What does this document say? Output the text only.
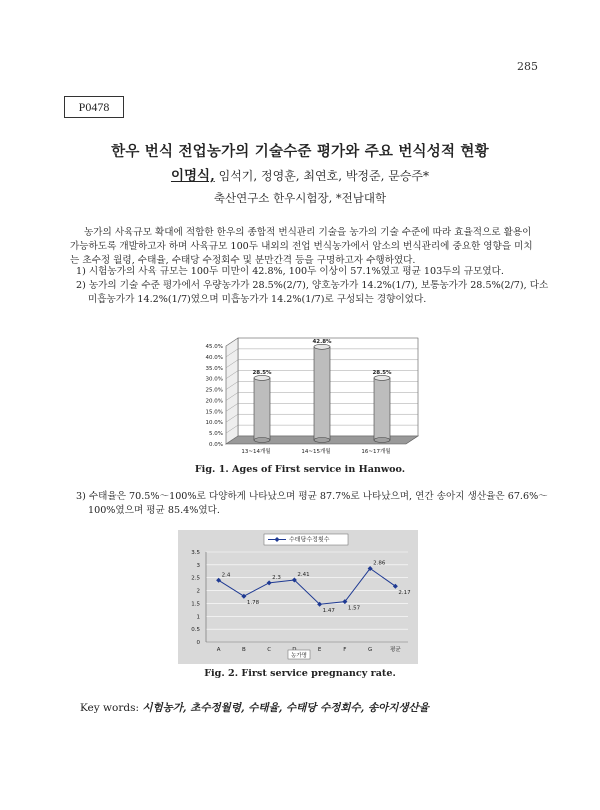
285
P0478
한우 번식 전업농가의 기술수준 평가와 주요 번식성적 현황
이명식, 임석기, 정영훈, 최연호, 박정준, 문승주*
축산연구소 한우시험장, *전남대학
농가의 사육규모 확대에 적합한 한우의 종합적 번식관리 기술을 농가의 기술 수준에 따라 효율적으로 활용이 가능하도록 개발하고자 하며 사육규모 100두 내외의 전업 번식농가에서 암소의 번식관리에 중요한 영향을 미치는 초수정 월령, 수태율, 수태당 수정회수 및 분만간격 등을 구명하고자 수행하였다.
1) 시험농가의 사육 규모는 100두 미만이 42.8%, 100두 이상이 57.1%였고 평균 103두의 규모였다.
2) 농가의 기술 수준 평가에서 우량농가가 28.5%(2/7), 양호농가가 14.2%(1/7), 보통농가가 28.5%(2/7), 다소 미흡농가가 14.2%(1/7)였으며 미흡농가가 14.2%(1/7)로 구성되는 경향이었다.
0.0%
5.0%
10.0%
15.0%
20.0%
25.0%
30.0%
35.0%
40.0%
45.0%
28.5%
13~14개월
42.8%
14~15개월
28.5%
16~17개월
Fig. 1. Ages of First service in Hanwoo.
3) 수태율은 70.5%～100%로 다양하게 나타났으며 평균 87.7%로 나타났으며, 연간 송아지 생산율은 67.6%～100%였으며 평균 85.4%였다.
0
0.5
1
1.5
2
2.5
3
3.5
수태당수정횟수
2.4
A
1.78
B
2.3
C
2.41
1.47
E
1.57
F
2.86
G
2.17
평균
농가명
Fig. 2. First service pregnancy rate.
Key words: 시험농가, 초수정월령, 수태율, 수태당 수정회수, 송아지생산율
